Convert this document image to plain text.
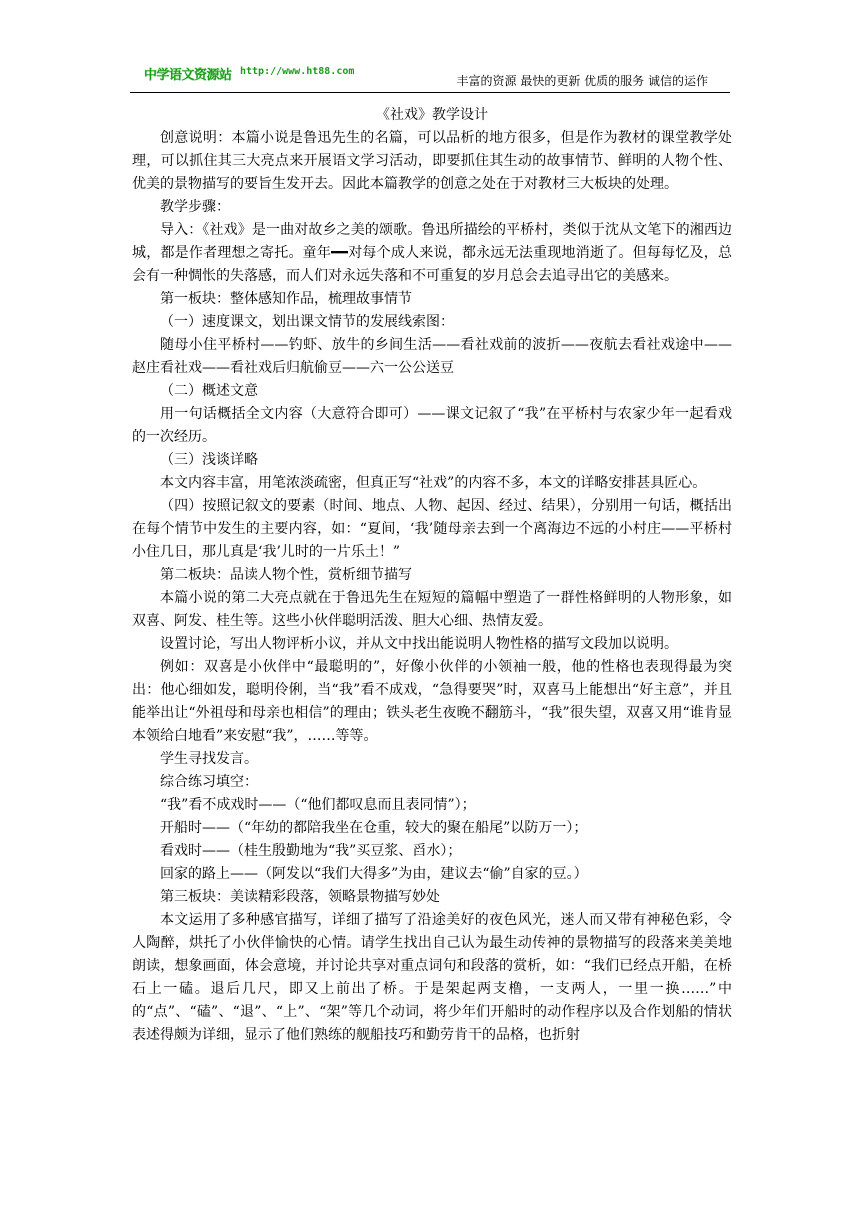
中学语文资源站 http://www.ht88.com
丰富的资源 最快的更新 优质的服务 诚信的运作
《社戏》教学设计

创意说明：本篇小说是鲁迅先生的名篇，可以品析的地方很多，但是作为教材的课堂教学处理，可以抓住其三大亮点来开展语文学习活动，即要抓住其生动的故事情节、鲜明的人物个性、优美的景物描写的要旨生发开去。因此本篇教学的创意之处在于对教材三大板块的处理。

教学步骤：

导入：《社戏》是一曲对故乡之美的颂歌。鲁迅所描绘的平桥村，类似于沈从文笔下的湘西边城，都是作者理想之寄托。童年━━对每个成人来说，都永远无法重现地消逝了。但每每忆及，总会有一种惆怅的失落感，而人们对永远失落和不可重复的岁月总会去追寻出它的美感来。

第一板块：整体感知作品，梳理故事情节

（一）速度课文，划出课文情节的发展线索图：

随母小住平桥村——钓虾、放牛的乡间生活——看社戏前的波折——夜航去看社戏途中——赵庄看社戏——看社戏后归航偷豆——六一公公送豆

（二）概述文意

用一句话概括全文内容（大意符合即可）——课文记叙了“我”在平桥村与农家少年一起看戏的一次经历。

（三）浅谈详略

本文内容丰富，用笔浓淡疏密，但真正写“社戏”的内容不多，本文的详略安排甚具匠心。

（四）按照记叙文的要素（时间、地点、人物、起因、经过、结果），分别用一句话，概括出在每个情节中发生的主要内容，如：“夏间，‘我’随母亲去到一个离海边不远的小村庄——平桥村小住几日，那儿真是‘我’儿时的一片乐土！”

第二板块：品读人物个性，赏析细节描写

本篇小说的第二大亮点就在于鲁迅先生在短短的篇幅中塑造了一群性格鲜明的人物形象，如双喜、阿发、桂生等。这些小伙伴聪明活泼、胆大心细、热情友爱。

设置讨论，写出人物评析小议，并从文中找出能说明人物性格的描写文段加以说明。

例如：双喜是小伙伴中“最聪明的”，好像小伙伴的小领袖一般，他的性格也表现得最为突出：他心细如发，聪明伶俐，当“我”看不成戏，“急得要哭”时，双喜马上能想出“好主意”，并且能举出让“外祖母和母亲也相信”的理由；铁头老生夜晚不翻筋斗，“我”很失望，双喜又用“谁肯显本领给白地看”来安慰“我”，……等等。

学生寻找发言。

综合练习填空：

“我”看不成戏时——（“他们都叹息而且表同情”）；

开船时——（“年幼的都陪我坐在仓重，较大的聚在船尾”以防万一）；

看戏时——（桂生殷勤地为“我”买豆浆、舀水）；

回家的路上——（阿发以“我们大得多”为由，建议去“偷”自家的豆。）

第三板块：美读精彩段落，领略景物描写妙处

本文运用了多种感官描写，详细了描写了沿途美好的夜色风光，迷人而又带有神秘色彩，令人陶醉，烘托了小伙伴愉快的心情。请学生找出自己认为最生动传神的景物描写的段落来美美地朗读，想象画面，体会意境，并讨论共享对重点词句和段落的赏析，如：“我们已经点开船，在桥石上一磕。退后几尺，即又上前出了桥。于是架起两支橹，一支两人，一里一换……”中的“点”、“磕”、“退”、“上”、“架”等几个动词，将少年们开船时的动作程序以及合作划船的情状表述得颇为详细，显示了他们熟练的舰船技巧和勤劳肯干的品格，也折射
